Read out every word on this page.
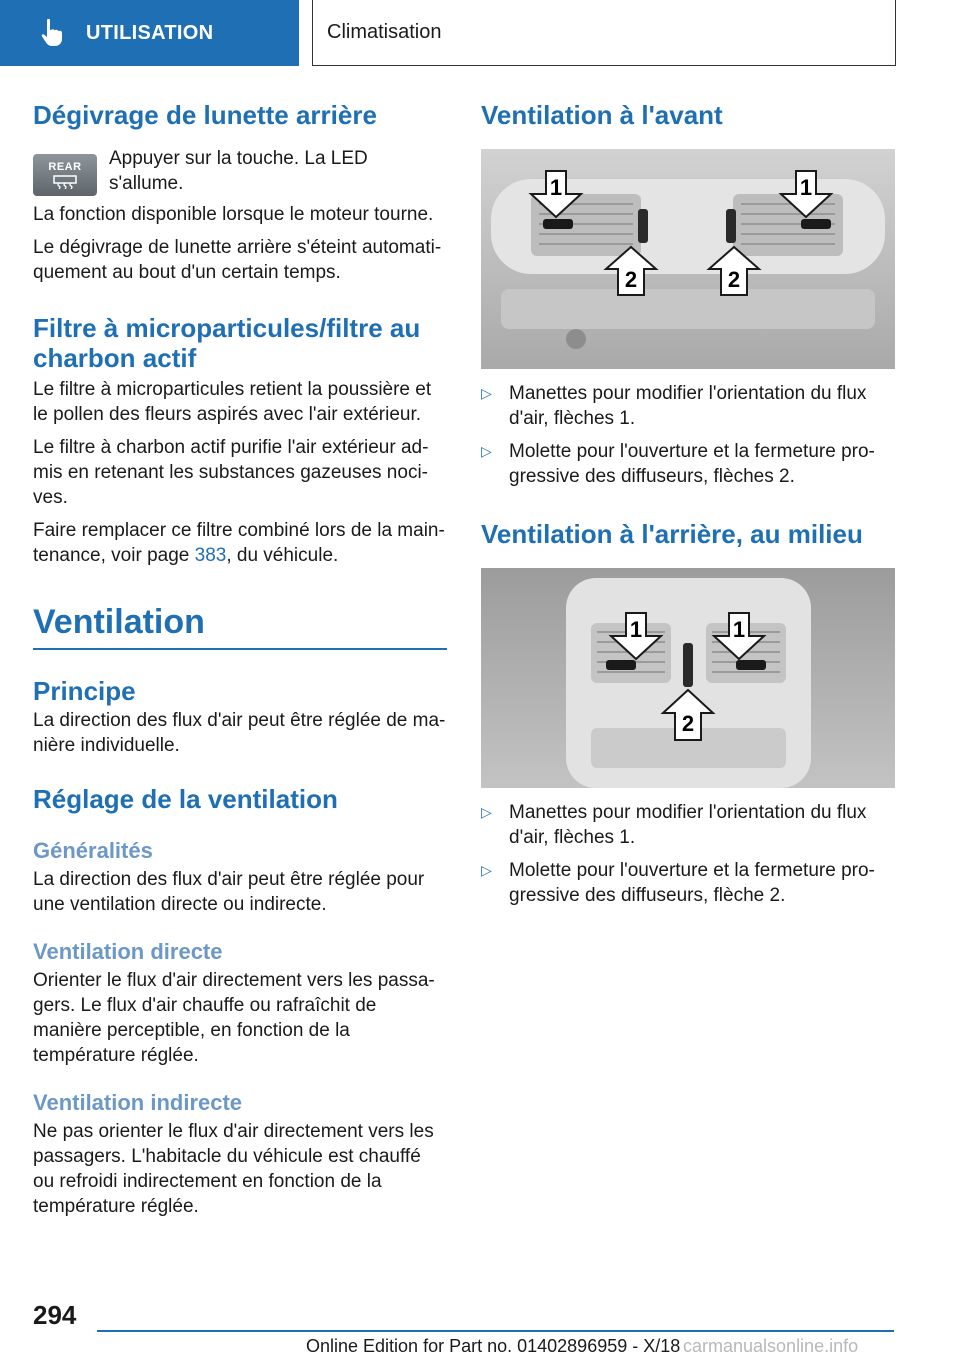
UTILISATION	Climatisation
Dégivrage de lunette arrière
REAR	Appuyer sur la touche. La LED s'allume.

La fonction disponible lorsque le moteur tourne.

Le dégivrage de lunette arrière s'éteint automatiquement au bout d'un certain temps.

Filtre à microparticules/filtre au charbon actif

Le filtre à microparticules retient la poussière et le pollen des fleurs aspirés avec l'air extérieur.

Le filtre à charbon actif purifie l'air extérieur admis en retenant les substances gazeuses nocives.

Faire remplacer ce filtre combiné lors de la maintenance, voir page 383, du véhicule.

Ventilation
Principe

La direction des flux d'air peut être réglée de manière individuelle.

Réglage de la ventilation
Généralités

La direction des flux d'air peut être réglée pour une ventilation directe ou indirecte.

Ventilation directe

Orienter le flux d'air directement vers les passagers. Le flux d'air chauffe ou rafraîchit de manière perceptible, en fonction de la température réglée.

Ventilation indirecte

Ne pas orienter le flux d'air directement vers les passagers. L'habitacle du véhicule est chauffé ou refroidi indirectement en fonction de la température réglée.

Ventilation à l'avant
1	1
2	2
▷ Manettes pour modifier l'orientation du flux d'air, flèches 1.

▷ Molette pour l'ouverture et la fermeture progressive des diffuseurs, flèches 2.

Ventilation à l'arrière, au milieu
1	1
2
▷ Manettes pour modifier l'orientation du flux d'air, flèches 1.

▷ Molette pour l'ouverture et la fermeture progressive des diffuseurs, flèche 2.

294
Online Edition for Part no. 01402896959 - X/18 carmanualsonline.info
